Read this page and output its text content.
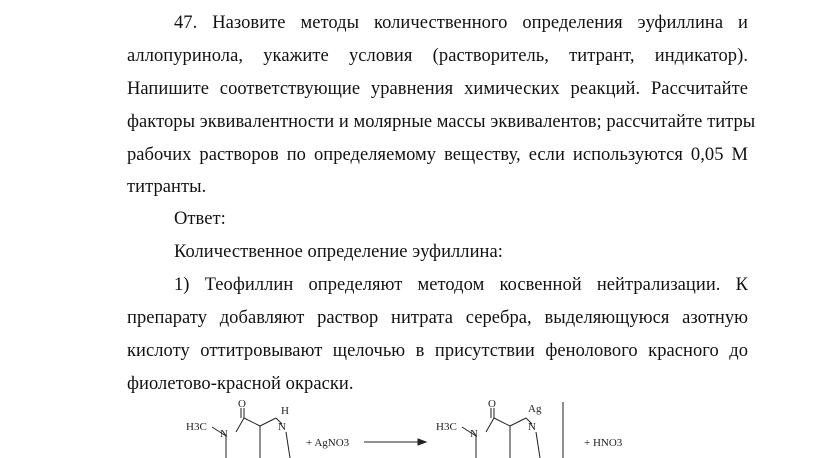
47. Назовите методы количественного определения эуфиллина и
аллопуринола, укажите условия (растворитель, титрант, индикатор).
Напишите соответствующие уравнения химических реакций. Рассчитайте
факторы эквивалентности и молярные массы эквивалентов; рассчитайте титры
рабочих растворов по определяемому веществу, если используются 0,05 М
титранты.
Ответ:
Количественное определение эуфиллина:
1) Теофиллин определяют методом косвенной нейтрализации. К
препарату добавляют раствор нитрата серебра, выделяющуюся азотную
кислоту оттитровывают щелочью в присутствии фенолового красного до
фиолетово-красной окраски.
H3C
O
H
N
N
+ AgNO3
H3C
O	Ag
N
N
+ HNO3
